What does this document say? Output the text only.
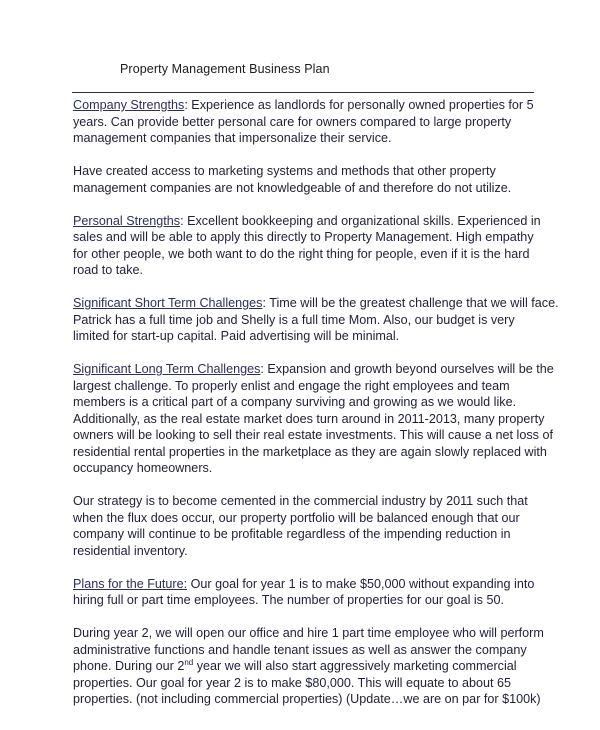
Property Management Business Plan

Company Strengths: Experience as landlords for personally owned properties for 5
years. Can provide better personal care for owners compared to large property
management companies that impersonalize their service.

Have created access to marketing systems and methods that other property
management companies are not knowledgeable of and therefore do not utilize.

Personal Strengths: Excellent bookkeeping and organizational skills. Experienced in
sales and will be able to apply this directly to Property Management. High empathy
for other people, we both want to do the right thing for people, even if it is the hard
road to take.

Significant Short Term Challenges: Time will be the greatest challenge that we will face.
Patrick has a full time job and Shelly is a full time Mom. Also, our budget is very
limited for start-up capital. Paid advertising will be minimal.

Significant Long Term Challenges: Expansion and growth beyond ourselves will be the
largest challenge. To properly enlist and engage the right employees and team
members is a critical part of a company surviving and growing as we would like.
Additionally, as the real estate market does turn around in 2011-2013, many property
owners will be looking to sell their real estate investments. This will cause a net loss of
residential rental properties in the marketplace as they are again slowly replaced with
occupancy homeowners.

Our strategy is to become cemented in the commercial industry by 2011 such that
when the flux does occur, our property portfolio will be balanced enough that our
company will continue to be profitable regardless of the impending reduction in
residential inventory.

Plans for the Future: Our goal for year 1 is to make $50,000 without expanding into
hiring full or part time employees. The number of properties for our goal is 50.

During year 2, we will open our office and hire 1 part time employee who will perform
administrative functions and handle tenant issues as well as answer the company
phone. During our 2nd year we will also start aggressively marketing commercial
properties. Our goal for year 2 is to make $80,000. This will equate to about 65
properties. (not including commercial properties) (Update…we are on par for $100k)
